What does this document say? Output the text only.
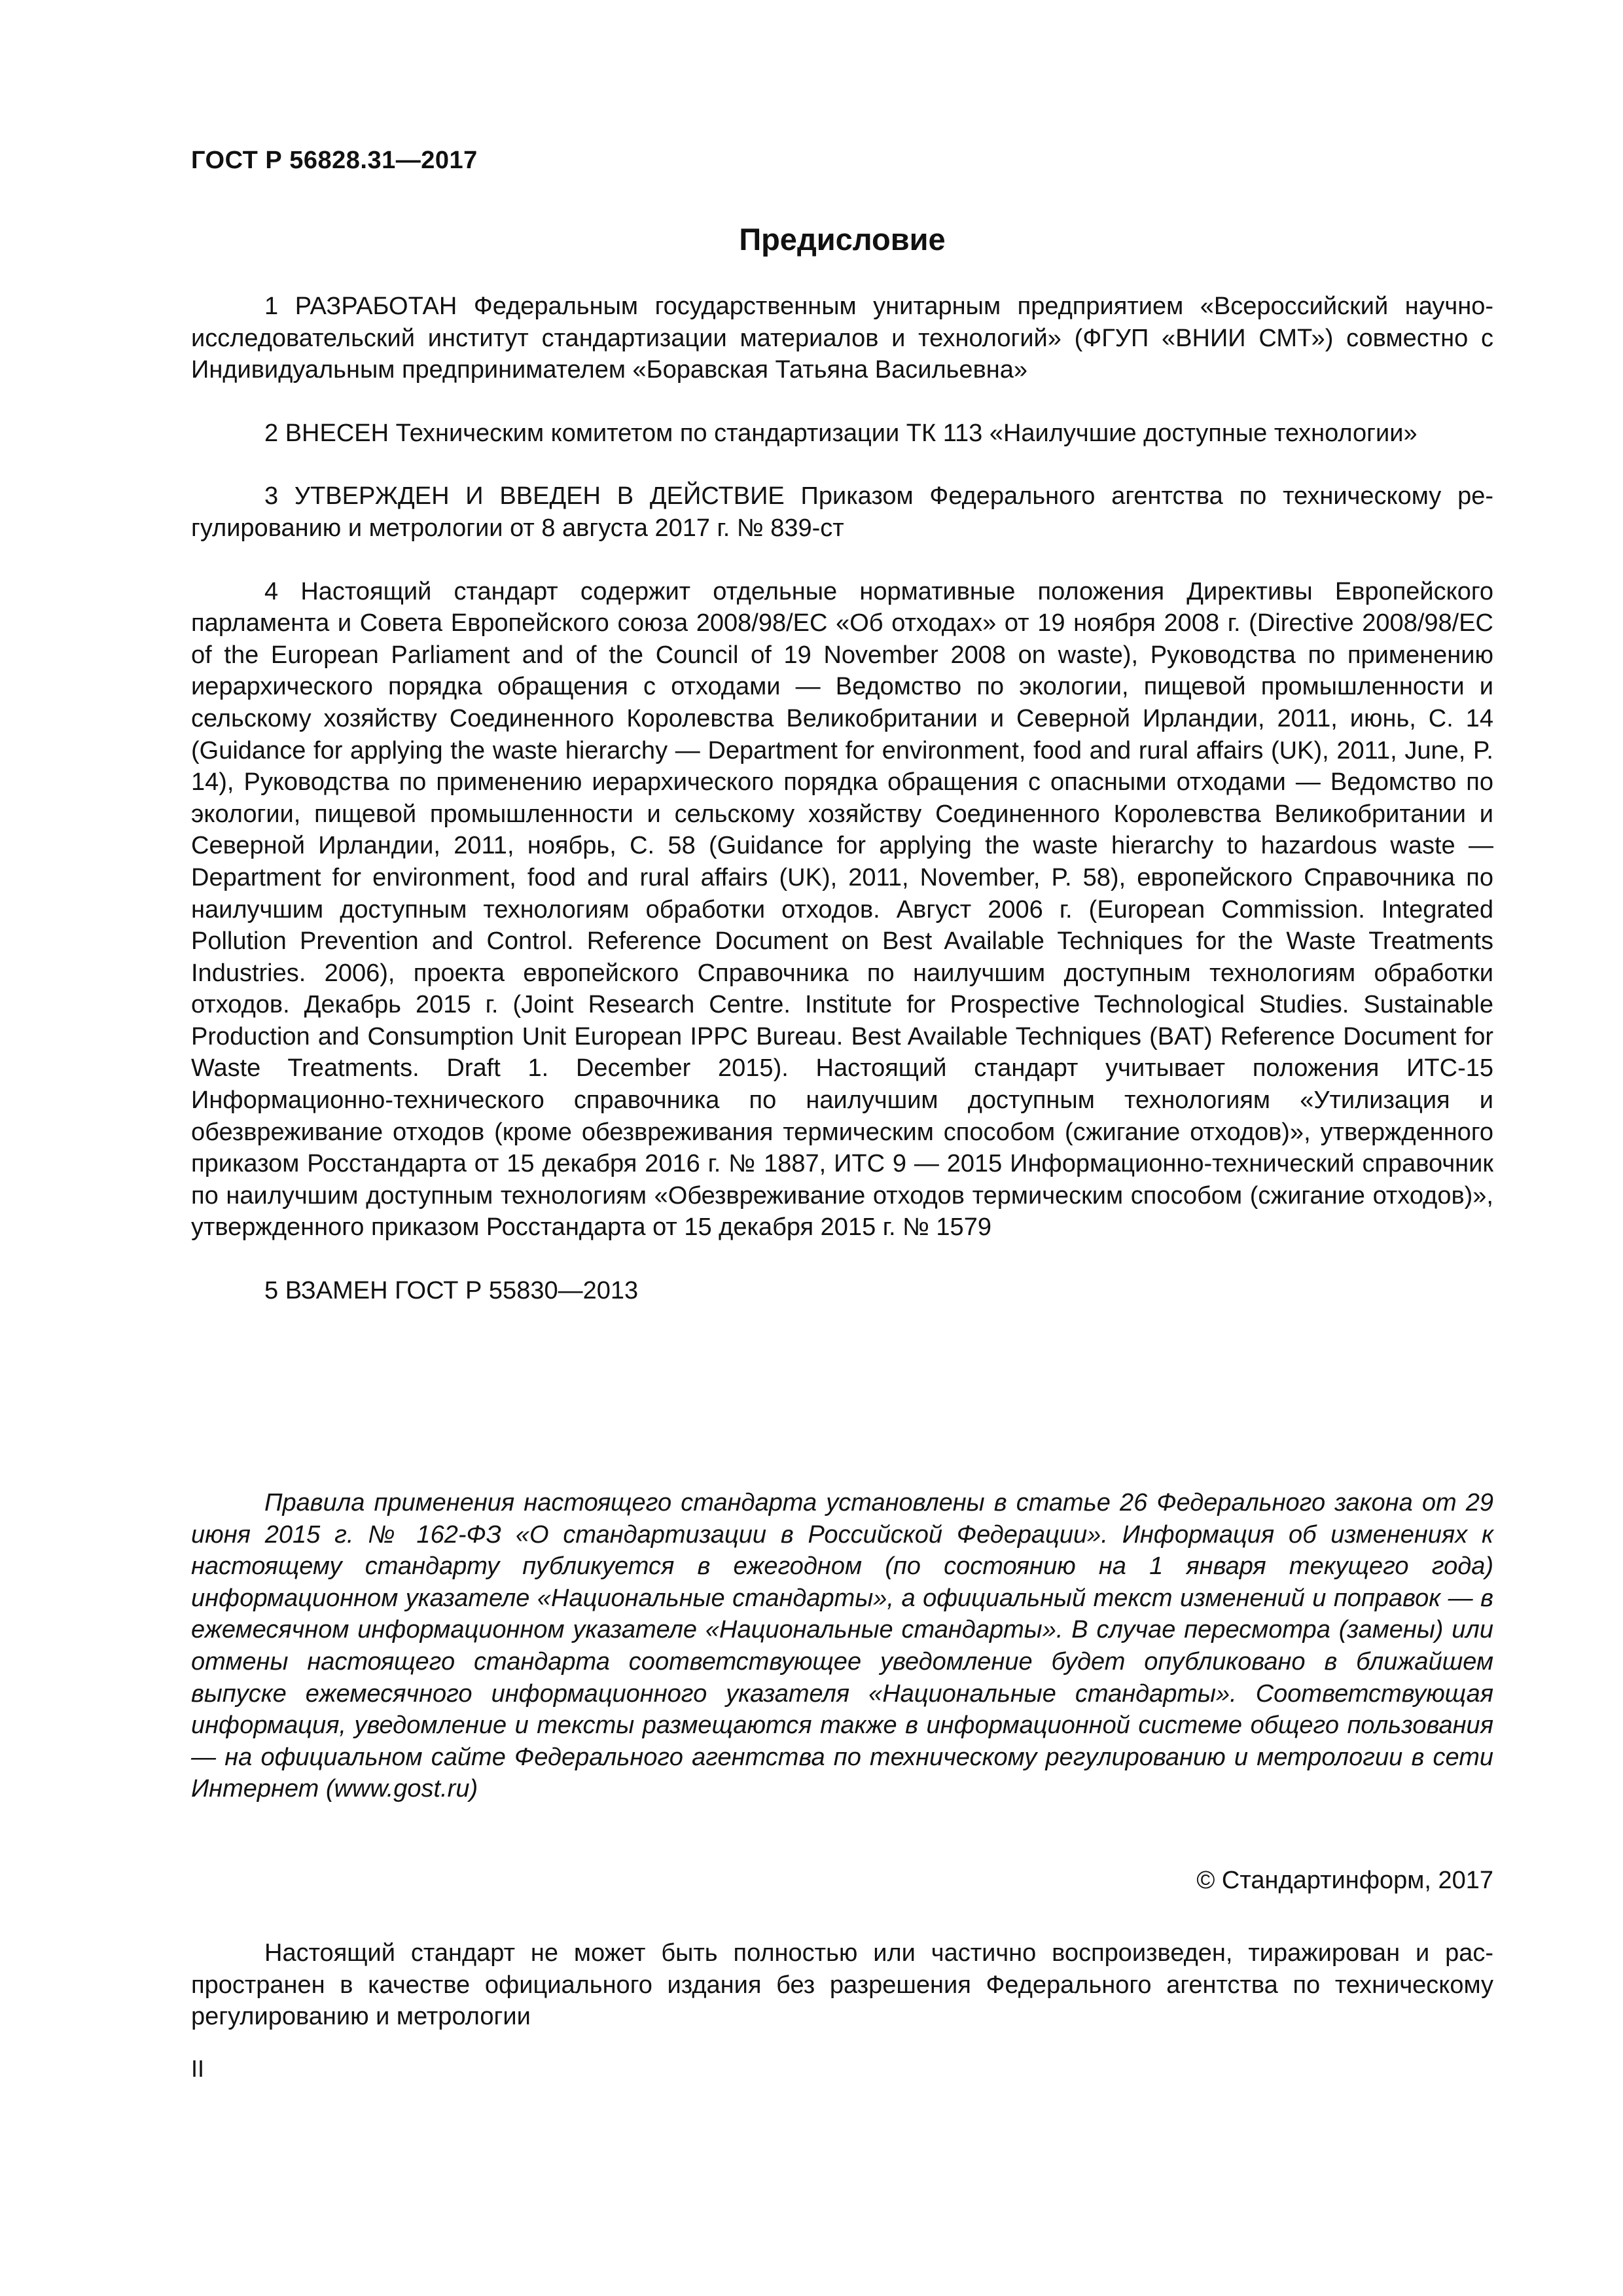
ГОСТ Р 56828.31—2017
Предисловие

1 РАЗРАБОТАН Федеральным государственным унитарным предприятием «Всероссийский научно-исследовательский институт стандартизации материалов и технологий» (ФГУП «ВНИИ СМТ») совместно с Индивидуальным предпринимателем «Боравская Татьяна Васильевна»

2 ВНЕСЕН Техническим комитетом по стандартизации ТК 113 «Наилучшие доступные технологии»

3 УТВЕРЖДЕН И ВВЕДЕН В ДЕЙСТВИЕ Приказом Федерального агентства по техническому регулированию и метрологии от 8 августа 2017 г. № 839-ст

4 Настоящий стандарт содержит отдельные нормативные положения Директивы Европейского парламента и Совета Европейского союза 2008/98/ЕС «Об отходах» от 19 ноября 2008 г. (Directive 2008/98/EC of the European Parliament and of the Council of 19 November 2008 on waste), Руководства по применению иерархического порядка обращения с отходами — Ведомство по экологии, пищевой промышленности и сельскому хозяйству Соединенного Королевства Великобритании и Северной Ирландии, 2011, июнь, С. 14 (Guidance for applying the waste hierarchy — Department for environment, food and rural affairs (UK), 2011, June, P. 14), Руководства по применению иерархического порядка обращения с опасными отходами — Ведомство по экологии, пищевой промышленности и сельскому хозяйству Соединенного Королевства Великобритании и Северной Ирландии, 2011, ноябрь, С. 58 (Guidance for applying the waste hierarchy to hazardous waste — Department for environment, food and rural affairs (UK), 2011, November, P. 58), европейского Справочника по наилучшим доступным технологиям обработки отходов. Август 2006 г. (European Commission. Integrated Pollution Prevention and Control. Reference Document on Best Available Techniques for the Waste Treatments Industries. 2006), проекта европейского Справочника по наилучшим доступным технологиям обработки отходов. Декабрь 2015 г. (Joint Research Centre. Institute for Prospective Technological Studies. Sustainable Production and Consumption Unit European IPPC Bureau. Best Available Techniques (BAT) Reference Document for Waste Treatments. Draft 1. December 2015). Настоящий стандарт учитывает положения ИТС-15 Информационно-технического справочника по наилучшим доступным технологиям «Утилизация и обезвреживание отходов (кроме обезвреживания термическим способом (сжигание отходов)», утвержденного приказом Росстандарта от 15 декабря 2016 г. № 1887, ИТС 9 — 2015 Информационно-технический справочник по наилучшим доступным технологиям «Обезвреживание отходов термическим способом (сжигание отходов)», утвержденного приказом Росстандарта от 15 декабря 2015 г. № 1579

5 ВЗАМЕН ГОСТ Р 55830—2013

Правила применения настоящего стандарта установлены в статье 26 Федерального закона от 29 июня 2015 г. № 162-ФЗ «О стандартизации в Российской Федерации». Информация об изменениях к настоящему стандарту публикуется в ежегодном (по состоянию на 1 января текущего года) информационном указателе «Национальные стандарты», а официальный текст изменений и поправок — в ежемесячном информационном указателе «Национальные стандарты». В случае пересмотра (замены) или отмены настоящего стандарта соответствующее уведомление будет опубликовано в ближайшем выпуске ежемесячного информационного указателя «Национальные стандарты». Соответствующая информация, уведомление и тексты размещаются также в информационной системе общего пользования — на официальном сайте Федерального агентства по техническому регулированию и метрологии в сети Интернет (www.gost.ru)

© Стандартинформ, 2017

Настоящий стандарт не может быть полностью или частично воспроизведен, тиражирован и распространен в качестве официального издания без разрешения Федерального агентства по техническому регулированию и метрологии

II
